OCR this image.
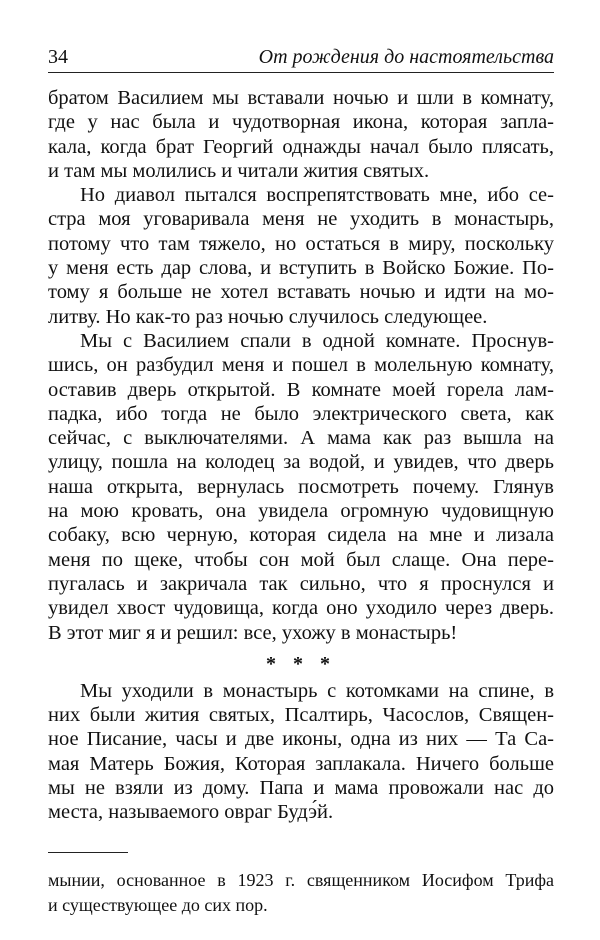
34	От рождения до настоятельства
братом Василием мы вставали ночью и шли в комнату,
где у нас была и чудотворная икона, которая запла-
кала, когда брат Георгий однажды начал было плясать,
и там мы молились и читали жития святых.
Но диавол пытался воспрепятствовать мне, ибо се-
стра моя уговаривала меня не уходить в монастырь,
потому что там тяжело, но остаться в миру, поскольку
у меня есть дар слова, и вступить в Войско Божие. По-
тому я больше не хотел вставать ночью и идти на мо-
литву. Но как-то раз ночью случилось следующее.
Мы с Василием спали в одной комнате. Проснув-
шись, он разбудил меня и пошел в молельную комнату,
оставив дверь открытой. В комнате моей горела лам-
падка, ибо тогда не было электрического света, как
сейчас, с выключателями. А мама как раз вышла на
улицу, пошла на колодец за водой, и увидев, что дверь
наша открыта, вернулась посмотреть почему. Глянув
на мою кровать, она увидела огромную чудовищную
собаку, всю черную, которая сидела на мне и лизала
меня по щеке, чтобы сон мой был слаще. Она пере-
пугалась и закричала так сильно, что я проснулся и
увидел хвост чудовища, когда оно уходило через дверь.
В этот миг я и решил: все, ухожу в монастырь!
* * *
Мы уходили в монастырь с котомками на спине, в
них были жития святых, Псалтирь, Часослов, Священ-
ное Писание, часы и две иконы, одна из них — Та Са-
мая Матерь Божия, Которая заплакала. Ничего больше
мы не взяли из дому. Папа и мама провожали нас до
места, называемого овраг Будэ́й.
мынии, основанное в 1923 г. священником Иосифом Трифа
и существующее до сих пор.
